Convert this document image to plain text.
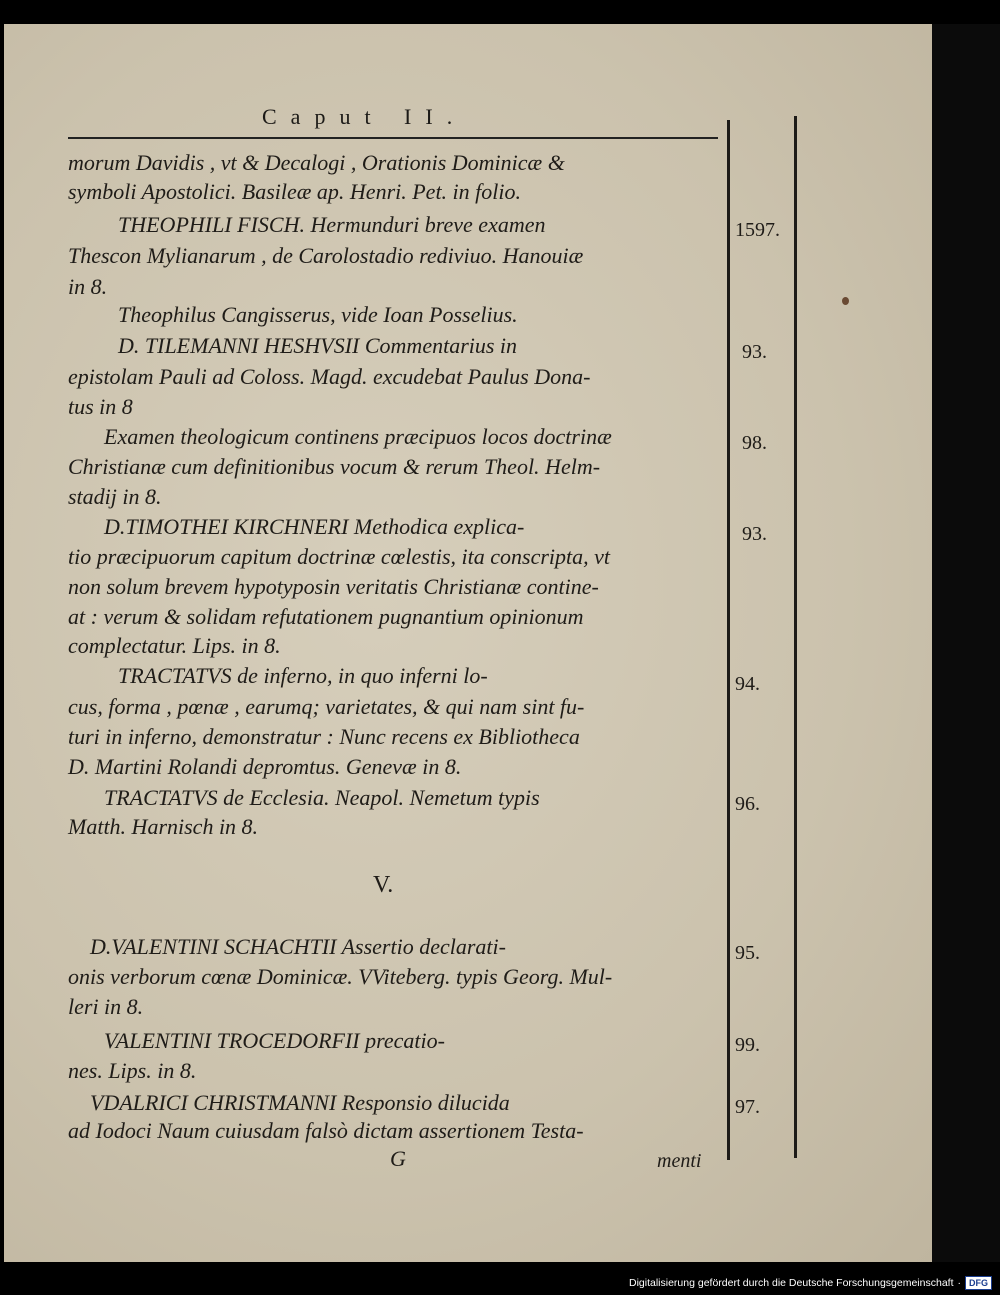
Caput II.
morum Davidis , vt & Decalogi , Orationis Dominicæ &
symboli Apostolici. Basileæ ap. Henri. Pet. in folio.
THEOPHILI FISCH. Hermunduri breve examen
Thescon Mylianarum , de Carolostadio rediviuo. Hanouiæ
in 8.
Theophilus Cangisserus, vide Ioan Posselius.
D. TILEMANNI HESHVSII Commentarius in
epistolam Pauli ad Coloss. Magd. excudebat Paulus Dona-
tus in 8
Examen theologicum continens præcipuos locos doctrinæ
Christianæ cum definitionibus vocum & rerum Theol. Helm-
stadij in 8.
D.TIMOTHEI KIRCHNERI Methodica explica-
tio præcipuorum capitum doctrinæ cœlestis, ita conscripta, vt
non solum brevem hypotyposin veritatis Christianæ contine-
at : verum & solidam refutationem pugnantium opinionum
complectatur. Lips. in 8.
TRACTATVS de inferno, in quo inferni lo-
cus, forma , pœnæ , earumq; varietates, & qui nam sint fu-
turi in inferno, demonstratur : Nunc recens ex Bibliotheca
D. Martini Rolandi depromtus. Genevæ in 8.
TRACTATVS de Ecclesia. Neapol. Nemetum typis
Matth. Harnisch in 8.
D.VALENTINI SCHACHTII Assertio declarati-
onis verborum cœnæ Dominicæ. VViteberg. typis Georg. Mul-
leri in 8.
VALENTINI TROCEDORFII precatio-
nes. Lips. in 8.
VDALRICI CHRISTMANNI Responsio dilucida
ad Iodoci Naum cuiusdam falsò dictam assertionem Testa-
1597.
93.
98.
93.
94.
96.
95.
99.
97.
V.
G	menti
Digitalisierung gefördert durch die Deutsche Forschungsgemeinschaft · DFG
